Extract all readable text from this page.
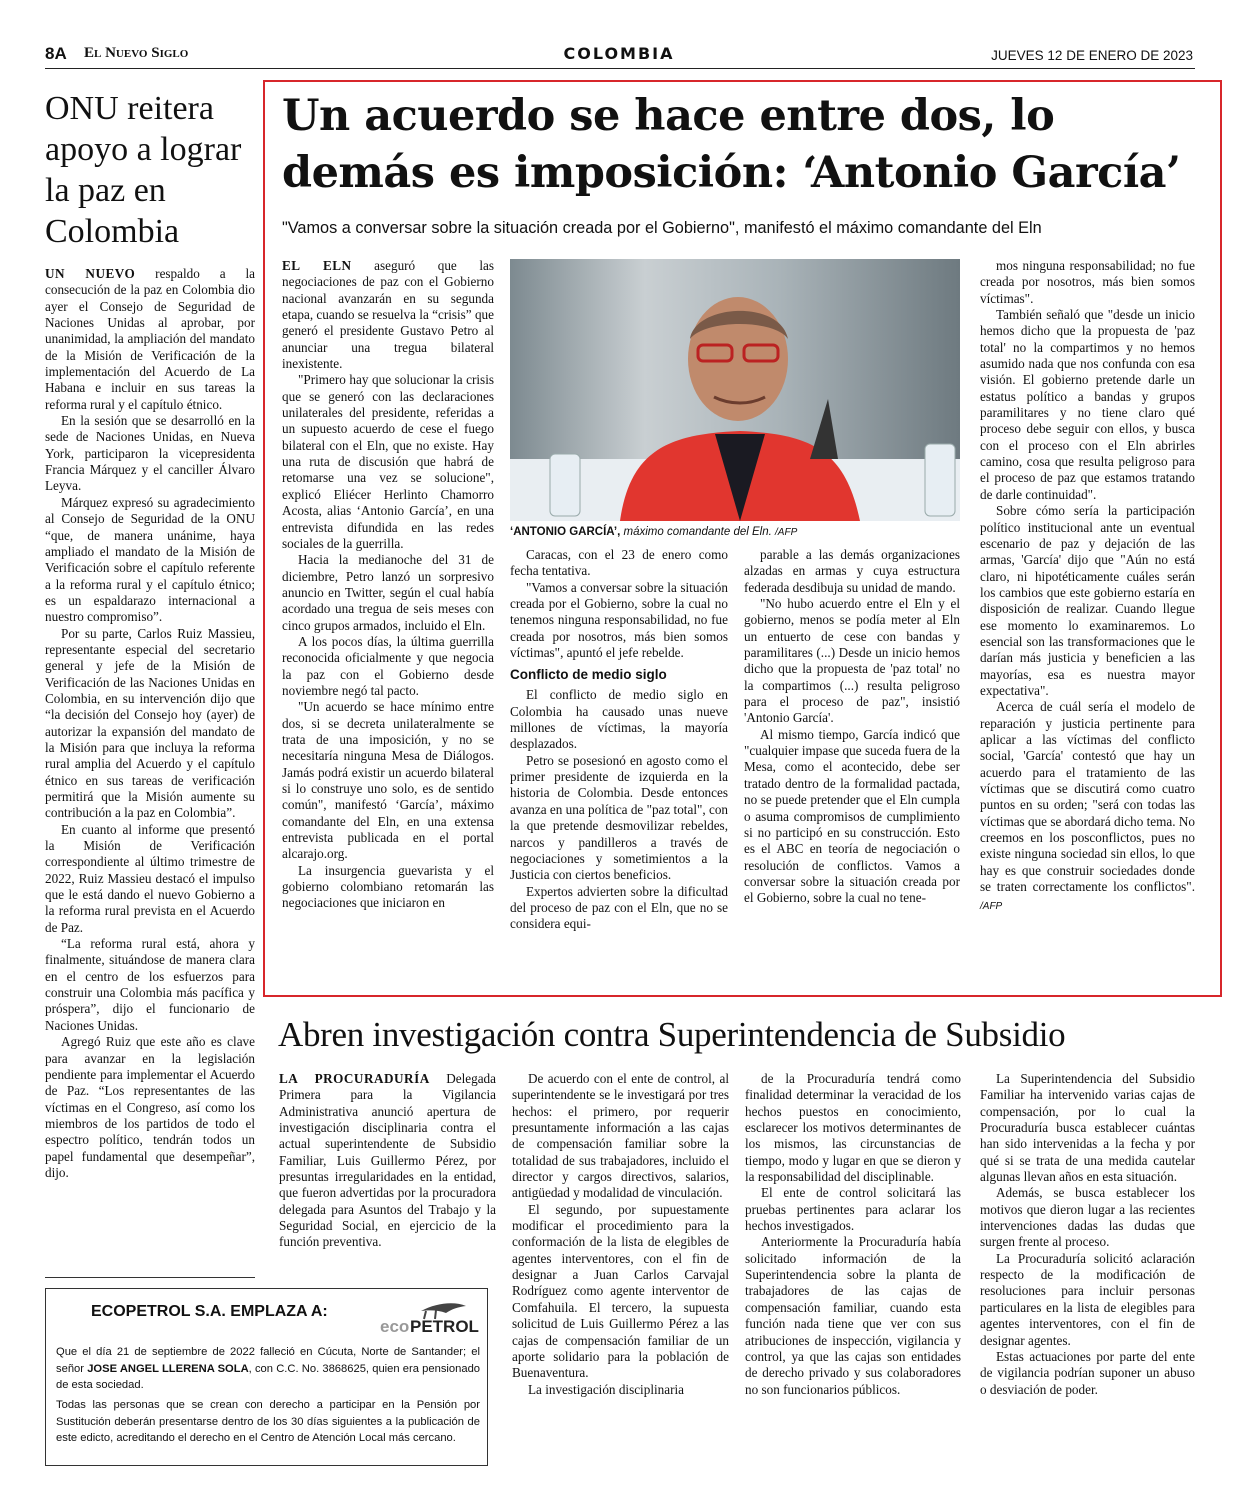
8A El Nuevo Siglo	COLOMBIA	JUEVES 12 DE ENERO DE 2023
ONU reitera apoyo a lograr la paz en Colombia

UN NUEVO respaldo a la consecución de la paz en Colombia dio ayer el Consejo de Seguridad de Naciones Unidas al aprobar, por unanimidad, la ampliación del mandato de la Misión de Verificación de la implementación del Acuerdo de La Habana e incluir en sus tareas la reforma rural y el capítulo étnico.

En la sesión que se desarrolló en la sede de Naciones Unidas, en Nueva York, participaron la vicepresidenta Francia Márquez y el canciller Álvaro Leyva.

Márquez expresó su agradecimiento al Consejo de Seguridad de la ONU “que, de manera unánime, haya ampliado el mandato de la Misión de Verificación sobre el capítulo referente a la reforma rural y el capítulo étnico; es un espaldarazo internacional a nuestro compromiso”.

Por su parte, Carlos Ruiz Massieu, representante especial del secretario general y jefe de la Misión de Verificación de las Naciones Unidas en Colombia, en su intervención dijo que “la decisión del Consejo hoy (ayer) de autorizar la expansión del mandato de la Misión para que incluya la reforma rural amplia del Acuerdo y el capítulo étnico en sus tareas de verificación permitirá que la Misión aumente su contribución a la paz en Colombia”.

En cuanto al informe que presentó la Misión de Verificación correspondiente al último trimestre de 2022, Ruiz Massieu destacó el impulso que le está dando el nuevo Gobierno a la reforma rural prevista en el Acuerdo de Paz.

“La reforma rural está, ahora y finalmente, situándose de manera clara en el centro de los esfuerzos para construir una Colombia más pacífica y próspera”, dijo el funcionario de Naciones Unidas.

Agregó Ruiz que este año es clave para avanzar en la legislación pendiente para implementar el Acuerdo de Paz. “Los representantes de las víctimas en el Congreso, así como los miembros de los partidos de todo el espectro político, tendrán todos un papel fundamental que desempeñar”, dijo.

ECOPETROL S.A. EMPLAZA A:
eco PETROL
Que el día 21 de septiembre de 2022 falleció en Cúcuta, Norte de Santander; el señor JOSE ANGEL LLERENA SOLA, con C.C. No. 3868625, quien era pensionado de esta sociedad.
Todas las personas que se crean con derecho a participar en la Pensión por Sustitución deberán presentarse dentro de los 30 días siguientes a la publicación de este edicto, acreditando el derecho en el Centro de Atención Local más cercano.
Un acuerdo se hace entre dos, lo
demás es imposición: ‘Antonio García’
"Vamos a conversar sobre la situación creada por el Gobierno", manifestó el máximo comandante del Eln
‘ANTONIO GARCÍA’, máximo comandante del Eln. /AFP

EL ELN aseguró que las negociaciones de paz con el Gobierno nacional avanzarán en su segunda etapa, cuando se resuelva la “crisis” que generó el presidente Gustavo Petro al anunciar una tregua bilateral inexistente.

"Primero hay que solucionar la crisis que se generó con las declaraciones unilaterales del presidente, referidas a un supuesto acuerdo de cese el fuego bilateral con el Eln, que no existe. Hay una ruta de discusión que habrá de retomarse una vez se solucione", explicó Eliécer Herlinto Chamorro Acosta, alias ‘Antonio García’, en una entrevista difundida en las redes sociales de la guerrilla.

Hacia la medianoche del 31 de diciembre, Petro lanzó un sorpresivo anuncio en Twitter, según el cual había acordado una tregua de seis meses con cinco grupos armados, incluido el Eln.

A los pocos días, la última guerrilla reconocida oficialmente y que negocia la paz con el Gobierno desde noviembre negó tal pacto.

"Un acuerdo se hace mínimo entre dos, si se decreta unilateralmente se trata de una imposición, y no se necesitaría ninguna Mesa de Diálogos. Jamás podrá existir un acuerdo bilateral si lo construye uno solo, es de sentido común", manifestó ‘García’, máximo comandante del Eln, en una extensa entrevista publicada en el portal alcarajo.org.

La insurgencia guevarista y el gobierno colombiano retomarán las negociaciones que iniciaron en

Caracas, con el 23 de enero como fecha tentativa.

"Vamos a conversar sobre la situación creada por el Gobierno, sobre la cual no tenemos ninguna responsabilidad, no fue creada por nosotros, más bien somos víctimas", apuntó el jefe rebelde.

Conflicto de medio siglo

El conflicto de medio siglo en Colombia ha causado unas nueve millones de víctimas, la mayoría desplazados.

Petro se posesionó en agosto como el primer presidente de izquierda en la historia de Colombia. Desde entonces avanza en una política de "paz total", con la que pretende desmovilizar rebeldes, narcos y pandilleros a través de negociaciones y sometimientos a la Justicia con ciertos beneficios.

Expertos advierten sobre la dificultad del proceso de paz con el Eln, que no se considera equi-

parable a las demás organizaciones alzadas en armas y cuya estructura federada desdibuja su unidad de mando.

"No hubo acuerdo entre el Eln y el gobierno, menos se podía meter al Eln un entuerto de cese con bandas y paramilitares (...) Desde un inicio hemos dicho que la propuesta de 'paz total' no la compartimos (...) resulta peligroso para el proceso de paz", insistió 'Antonio García'.

Al mismo tiempo, García indicó que "cualquier impase que suceda fuera de la Mesa, como el acontecido, debe ser tratado dentro de la formalidad pactada, no se puede pretender que el Eln cumpla o asuma compromisos de cumplimiento si no participó en su construcción. Esto es el ABC en teoría de negociación o resolución de conflictos. Vamos a conversar sobre la situación creada por el Gobierno, sobre la cual no tene-

mos ninguna responsabilidad; no fue creada por nosotros, más bien somos víctimas".

También señaló que "desde un inicio hemos dicho que la propuesta de 'paz total' no la compartimos y no hemos asumido nada que nos confunda con esa visión. El gobierno pretende darle un estatus político a bandas y grupos paramilitares y no tiene claro qué proceso debe seguir con ellos, y busca con el proceso con el Eln abrirles camino, cosa que resulta peligroso para el proceso de paz que estamos tratando de darle continuidad".

Sobre cómo sería la participación político institucional ante un eventual escenario de paz y dejación de las armas, 'García' dijo que "Aún no está claro, ni hipotéticamente cuáles serán los cambios que este gobierno estaría en disposición de realizar. Cuando llegue ese momento lo examinaremos. Lo esencial son las transformaciones que le darían más justicia y beneficien a las mayorías, esa es nuestra mayor expectativa".

Acerca de cuál sería el modelo de reparación y justicia pertinente para aplicar a las víctimas del conflicto social, 'García' contestó que hay un acuerdo para el tratamiento de las víctimas que se discutirá como cuatro puntos en su orden; "será con todas las víctimas que se abordará dicho tema. No creemos en los posconflictos, pues no existe ninguna sociedad sin ellos, lo que hay es que construir sociedades donde se traten correctamente los conflictos". /AFP

Abren investigación contra Superintendencia de Subsidio

LA PROCURADURÍA Delegada Primera para la Vigilancia Administrativa anunció apertura de investigación disciplinaria contra el actual superintendente de Subsidio Familiar, Luis Guillermo Pérez, por presuntas irregularidades en la entidad, que fueron advertidas por la procuradora delegada para Asuntos del Trabajo y la Seguridad Social, en ejercicio de la función preventiva.

De acuerdo con el ente de control, al superintendente se le investigará por tres hechos: el primero, por requerir presuntamente información a las cajas de compensación familiar sobre la totalidad de sus trabajadores, incluido el director y cargos directivos, salarios, antigüedad y modalidad de vinculación.

El segundo, por supuestamente modificar el procedimiento para la conformación de la lista de elegibles de agentes interventores, con el fin de designar a Juan Carlos Carvajal Rodríguez como agente interventor de Comfahuila. El tercero, la supuesta solicitud de Luis Guillermo Pérez a las cajas de compensación familiar de un aporte solidario para la población de Buenaventura.

La investigación disciplinaria

de la Procuraduría tendrá como finalidad determinar la veracidad de los hechos puestos en conocimiento, esclarecer los motivos determinantes de los mismos, las circunstancias de tiempo, modo y lugar en que se dieron y la responsabilidad del disciplinable.

El ente de control solicitará las pruebas pertinentes para aclarar los hechos investigados.

Anteriormente la Procuraduría había solicitado información de la Superintendencia sobre la planta de trabajadores de las cajas de compensación familiar, cuando esta función nada tiene que ver con sus atribuciones de inspección, vigilancia y control, ya que las cajas son entidades de derecho privado y sus colaboradores no son funcionarios públicos.

La Superintendencia del Subsidio Familiar ha intervenido varias cajas de compensación, por lo cual la Procuraduría busca establecer cuántas han sido intervenidas a la fecha y por qué si se trata de una medida cautelar algunas llevan años en esta situación.

Además, se busca establecer los motivos que dieron lugar a las recientes intervenciones dadas las dudas que surgen frente al proceso.

La Procuraduría solicitó aclaración respecto de la modificación de resoluciones para incluir personas particulares en la lista de elegibles para agentes interventores, con el fin de designar agentes.

Estas actuaciones por parte del ente de vigilancia podrían suponer un abuso o desviación de poder.
